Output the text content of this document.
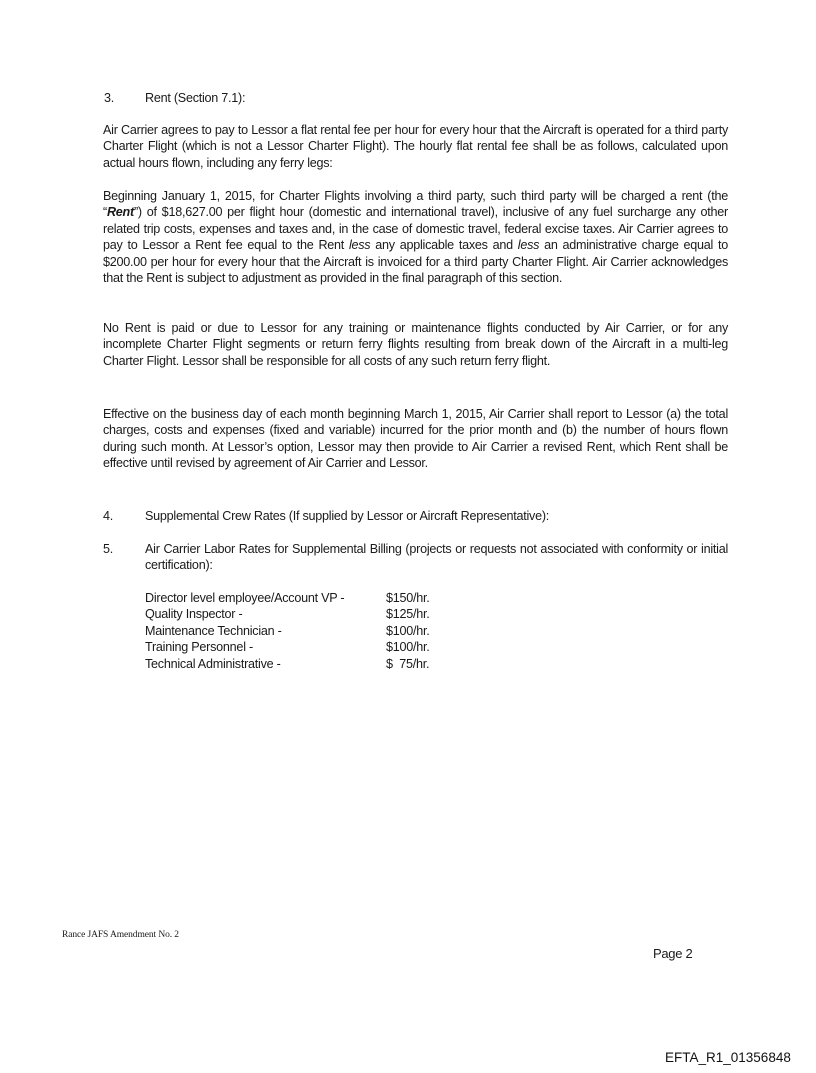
3. Rent (Section 7.1):

Air Carrier agrees to pay to Lessor a flat rental fee per hour for every hour that the Aircraft is operated for a third party Charter Flight (which is not a Lessor Charter Flight). The hourly flat rental fee shall be as follows, calculated upon actual hours flown, including any ferry legs:

Beginning January 1, 2015, for Charter Flights involving a third party, such third party will be charged a rent (the “Rent”) of $18,627.00 per flight hour (domestic and international travel), inclusive of any fuel surcharge any other related trip costs, expenses and taxes and, in the case of domestic travel, federal excise taxes. Air Carrier agrees to pay to Lessor a Rent fee equal to the Rent less any applicable taxes and less an administrative charge equal to $200.00 per hour for every hour that the Aircraft is invoiced for a third party Charter Flight. Air Carrier acknowledges that the Rent is subject to adjustment as provided in the final paragraph of this section.

No Rent is paid or due to Lessor for any training or maintenance flights conducted by Air Carrier, or for any incomplete Charter Flight segments or return ferry flights resulting from break down of the Aircraft in a multi-leg Charter Flight. Lessor shall be responsible for all costs of any such return ferry flight.

Effective on the business day of each month beginning March 1, 2015, Air Carrier shall report to Lessor (a) the total charges, costs and expenses (fixed and variable) incurred for the prior month and (b) the number of hours flown during such month. At Lessor’s option, Lessor may then provide to Air Carrier a revised Rent, which Rent shall be effective until revised by agreement of Air Carrier and Lessor.

4.	Supplemental Crew Rates (If supplied by Lessor or Aircraft Representative):
5.	Air Carrier Labor Rates for Supplemental Billing (projects or requests not associated with conformity or initial certification):
Director level employee/Account VP -	$150/hr.
Quality Inspector -	$125/hr.
Maintenance Technician -	$100/hr.
Training Personnel -	$100/hr.
Technical Administrative -	$  75/hr.
Rance JAFS Amendment No. 2
Page 2
EFTA_R1_01356848
